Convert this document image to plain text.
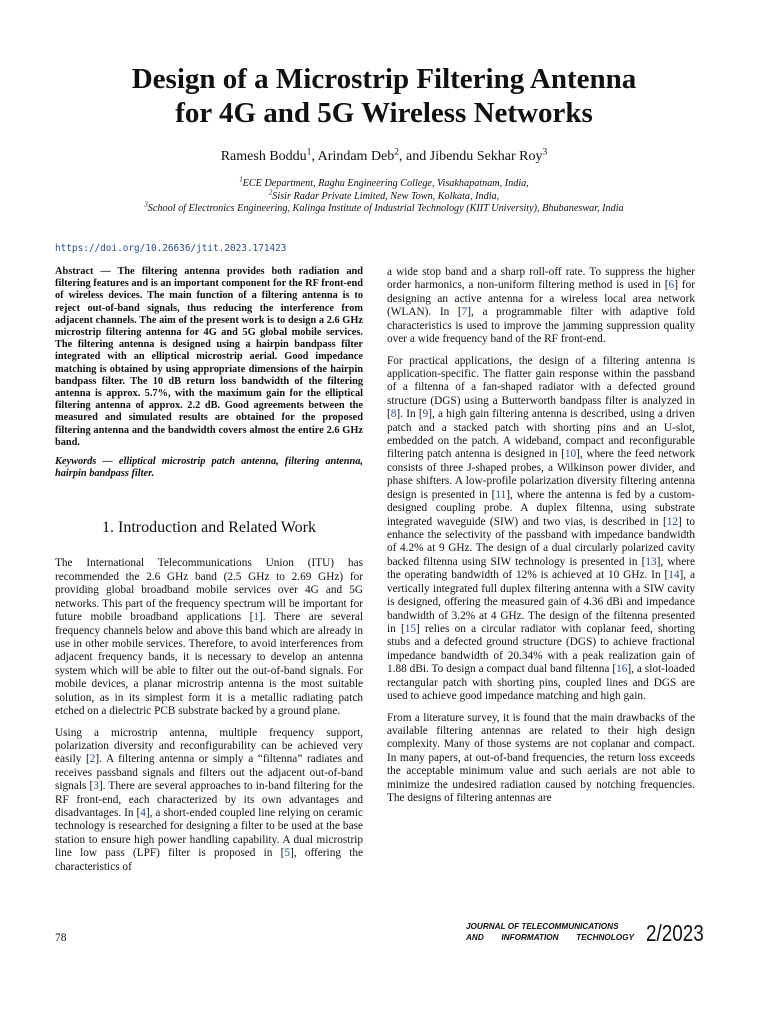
Design of a Microstrip Filtering Antenna
for 4G and 5G Wireless Networks
Ramesh Boddu$^1$, Arindam Deb$^2$, and Jibendu Sekhar Roy$^3$
$^1$ECE Department, Raghu Engineering College, Visakhapatnam, India,
$^2$Sisir Radar Private Limited, New Town, Kolkata, India,
$^3$School of Electronics Engineering, Kalinga Institute of Industrial Technology (KIIT University), Bhubaneswar, India
https://doi.org/10.26636/jtit.2023.171423

Abstract — The filtering antenna provides both radiation and filtering features and is an important component for the RF front-end of wireless devices. The main function of a filtering antenna is to reject out-of-band signals, thus reducing the interference from adjacent channels. The aim of the present work is to design a 2.6 GHz microstrip filtering antenna for 4G and 5G global mobile services. The filtering antenna is designed using a hairpin bandpass filter integrated with an elliptical microstrip aerial. Good impedance matching is obtained by using appropriate dimensions of the hairpin bandpass filter. The 10 dB return loss bandwidth of the filtering antenna is approx. 5.7%, with the maximum gain for the elliptical filtering antenna of approx. 2.2 dB. Good agreements between the measured and simulated results are obtained for the proposed filtering antenna and the bandwidth covers almost the entire 2.6 GHz band.

Keywords — elliptical microstrip patch antenna, filtering antenna, hairpin bandpass filter.

1. Introduction and Related Work

The International Telecommunications Union (ITU) has recommended the 2.6 GHz band (2.5 GHz to 2.69 GHz) for providing global broadband mobile services over 4G and 5G networks. This part of the frequency spectrum will be important for future mobile broadband applications [1]. There are several frequency channels below and above this band which are already in use in other mobile services. Therefore, to avoid interferences from adjacent frequency bands, it is necessary to develop an antenna system which will be able to filter out the out-of-band signals. For mobile devices, a planar microstrip antenna is the most suitable solution, as in its simplest form it is a metallic radiating patch etched on a dielectric PCB substrate backed by a ground plane.

Using a microstrip antenna, multiple frequency support, polarization diversity and reconfigurability can be achieved very easily [2]. A filtering antenna or simply a “filtenna” radiates and receives passband signals and filters out the adjacent out-of-band signals [3]. There are several approaches to in-band filtering for the RF front-end, each characterized by its own advantages and disadvantages. In [4], a short-ended coupled line relying on ceramic technology is researched for designing a filter to be used at the base station to ensure high power handling capability. A dual microstrip line low pass (LPF) filter is proposed in [5], offering the characteristics of

a wide stop band and a sharp roll-off rate. To suppress the higher order harmonics, a non-uniform filtering method is used in [6] for designing an active antenna for a wireless local area network (WLAN). In [7], a programmable filter with adaptive fold characteristics is used to improve the jamming suppression quality over a wide frequency band of the RF front-end.

For practical applications, the design of a filtering antenna is application-specific. The flatter gain response within the passband of a filtenna of a fan-shaped radiator with a defected ground structure (DGS) using a Butterworth bandpass filter is analyzed in [8]. In [9], a high gain filtering antenna is described, using a driven patch and a stacked patch with shorting pins and an U-slot, embedded on the patch. A wideband, compact and reconfigurable filtering patch antenna is designed in [10], where the feed network consists of three J-shaped probes, a Wilkinson power divider, and phase shifters. A low-profile polarization diversity filtering antenna design is presented in [11], where the antenna is fed by a custom-designed coupling probe. A duplex filtenna, using substrate integrated waveguide (SIW) and two vias, is described in [12] to enhance the selectivity of the passband with impedance bandwidth of 4.2% at 9 GHz. The design of a dual circularly polarized cavity backed filtenna using SIW technology is presented in [13], where the operating bandwidth of 12% is achieved at 10 GHz. In [14], a vertically integrated full duplex filtering antenna with a SIW cavity is designed, offering the measured gain of 4.36 dBi and impedance bandwidth of 3.2% at 4 GHz. The design of the filtenna presented in [15] relies on a circular radiator with coplanar feed, shorting stubs and a defected ground structure (DGS) to achieve fractional impedance bandwidth of 20.34% with a peak realization gain of 1.88 dBi. To design a compact dual band filtenna [16], a slot-loaded rectangular patch with shorting pins, coupled lines and DGS are used to achieve good impedance matching and high gain.

From a literature survey, it is found that the main drawbacks of the available filtering antennas are related to their high design complexity. Many of those systems are not coplanar and compact. In many papers, at out-of-band frequencies, the return loss exceeds the acceptable minimum value and such aerials are not able to minimize the undesired radiation caused by notching frequencies. The designs of filtering antennas are

78
JOURNAL OF TELECOMMUNICATIONS
AND INFORMATION TECHNOLOGY 2/2023
